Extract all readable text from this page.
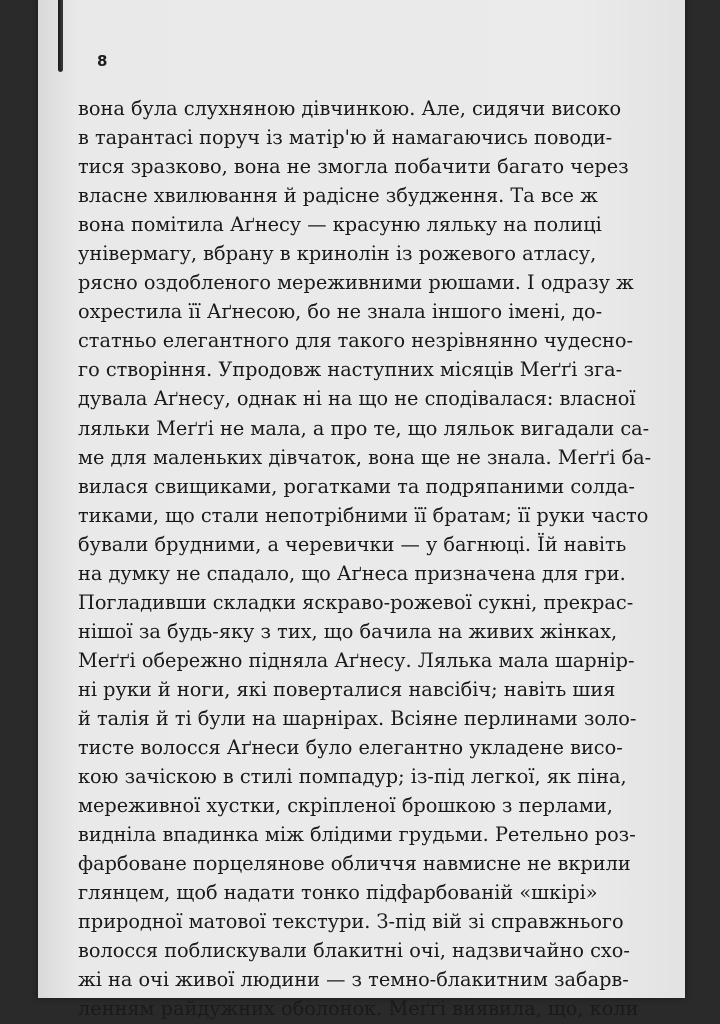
8
вона була слухняною дівчинкою. Але, сидячи високо
в тарантасі поруч із матір'ю й намагаючись поводи-
тися зразково, вона не змогла побачити багато через
власне хвилювання й радісне збудження. Та все ж
вона помітила Аґнесу — красуню ляльку на полиці
універмагу, вбрану в кринолін із рожевого атласу,
рясно оздобленого мереживними рюшами. І одразу ж
охрестила її Аґнесою, бо не знала іншого імені, до-
статньо елегантного для такого незрівнянно чудесно-
го створіння. Упродовж наступних місяців Меґґі зга-
дувала Аґнесу, однак ні на що не сподівалася: власної
ляльки Меґґі не мала, а про те, що ляльок вигадали са-
ме для маленьких дівчаток, вона ще не знала. Меґґі ба-
вилася свищиками, рогатками та подряпаними солда-
тиками, що стали непотрібними її братам; її руки часто
бували брудними, а черевички — у багнюці. Їй навіть
на думку не спадало, що Аґнеса призначена для гри.
Погладивши складки яскраво-рожевої сукні, прекрас-
нішої за будь-яку з тих, що бачила на живих жінках,
Меґґі обережно підняла Аґнесу. Лялька мала шарнір-
ні руки й ноги, які поверталися навсібіч; навіть шия
й талія й ті були на шарнірах. Всіяне перлинами золо-
тисте волосся Аґнеси було елегантно укладене висо-
кою зачіскою в стилі помпадур; із-під легкої, як піна,
мереживної хустки, скріпленої брошкою з перлами,
видніла впадинка між блідими грудьми. Ретельно роз-
фарбоване порцелянове обличчя навмисне не вкрили
глянцем, щоб надати тонко підфарбованій «шкірі»
природної матової текстури. З-під вій зі справжнього
волосся поблискували блакитні очі, надзвичайно схо-
жі на очі живої людини — з темно-блакитним забарв-
ленням райдужних оболонок. Меґґі виявила, що, коли
